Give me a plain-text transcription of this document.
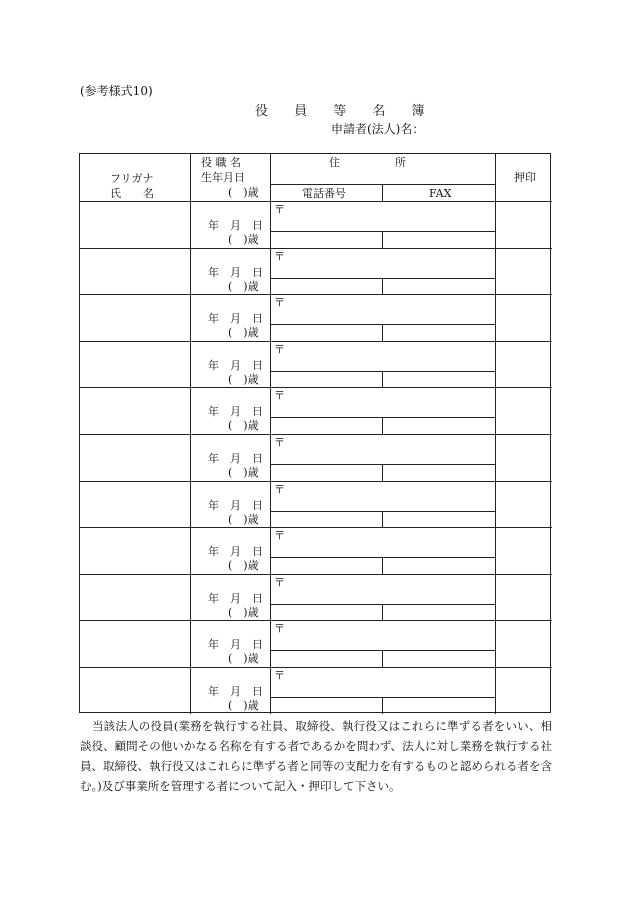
(参考様式10)
役 員 等 名 簿
申請者(法人)名：
フリガナ
氏　　名
役 職 名
生年月日
(　)歳
住　　　　　所
電話番号	FAX
押印
〒
年　月　日
(　)歳
〒
年　月　日
(　)歳
〒
年　月　日
(　)歳
〒
年　月　日
(　)歳
〒
年　月　日
(　)歳
〒
年　月　日
(　)歳
〒
年　月　日
(　)歳
〒
年　月　日
(　)歳
〒
年　月　日
(　)歳
〒
年　月　日
(　)歳
〒
年　月　日
(　)歳
当該法人の役員(業務を執行する社員、取締役、執行役又はこれらに準ずる者をいい、相談役、顧問その他いかなる名称を有する者であるかを問わず、法人に対し業務を執行する社員、取締役、執行役又はこれらに準ずる者と同等の支配力を有するものと認められる者を含む。)及び事業所を管理する者について記入・押印して下さい。
